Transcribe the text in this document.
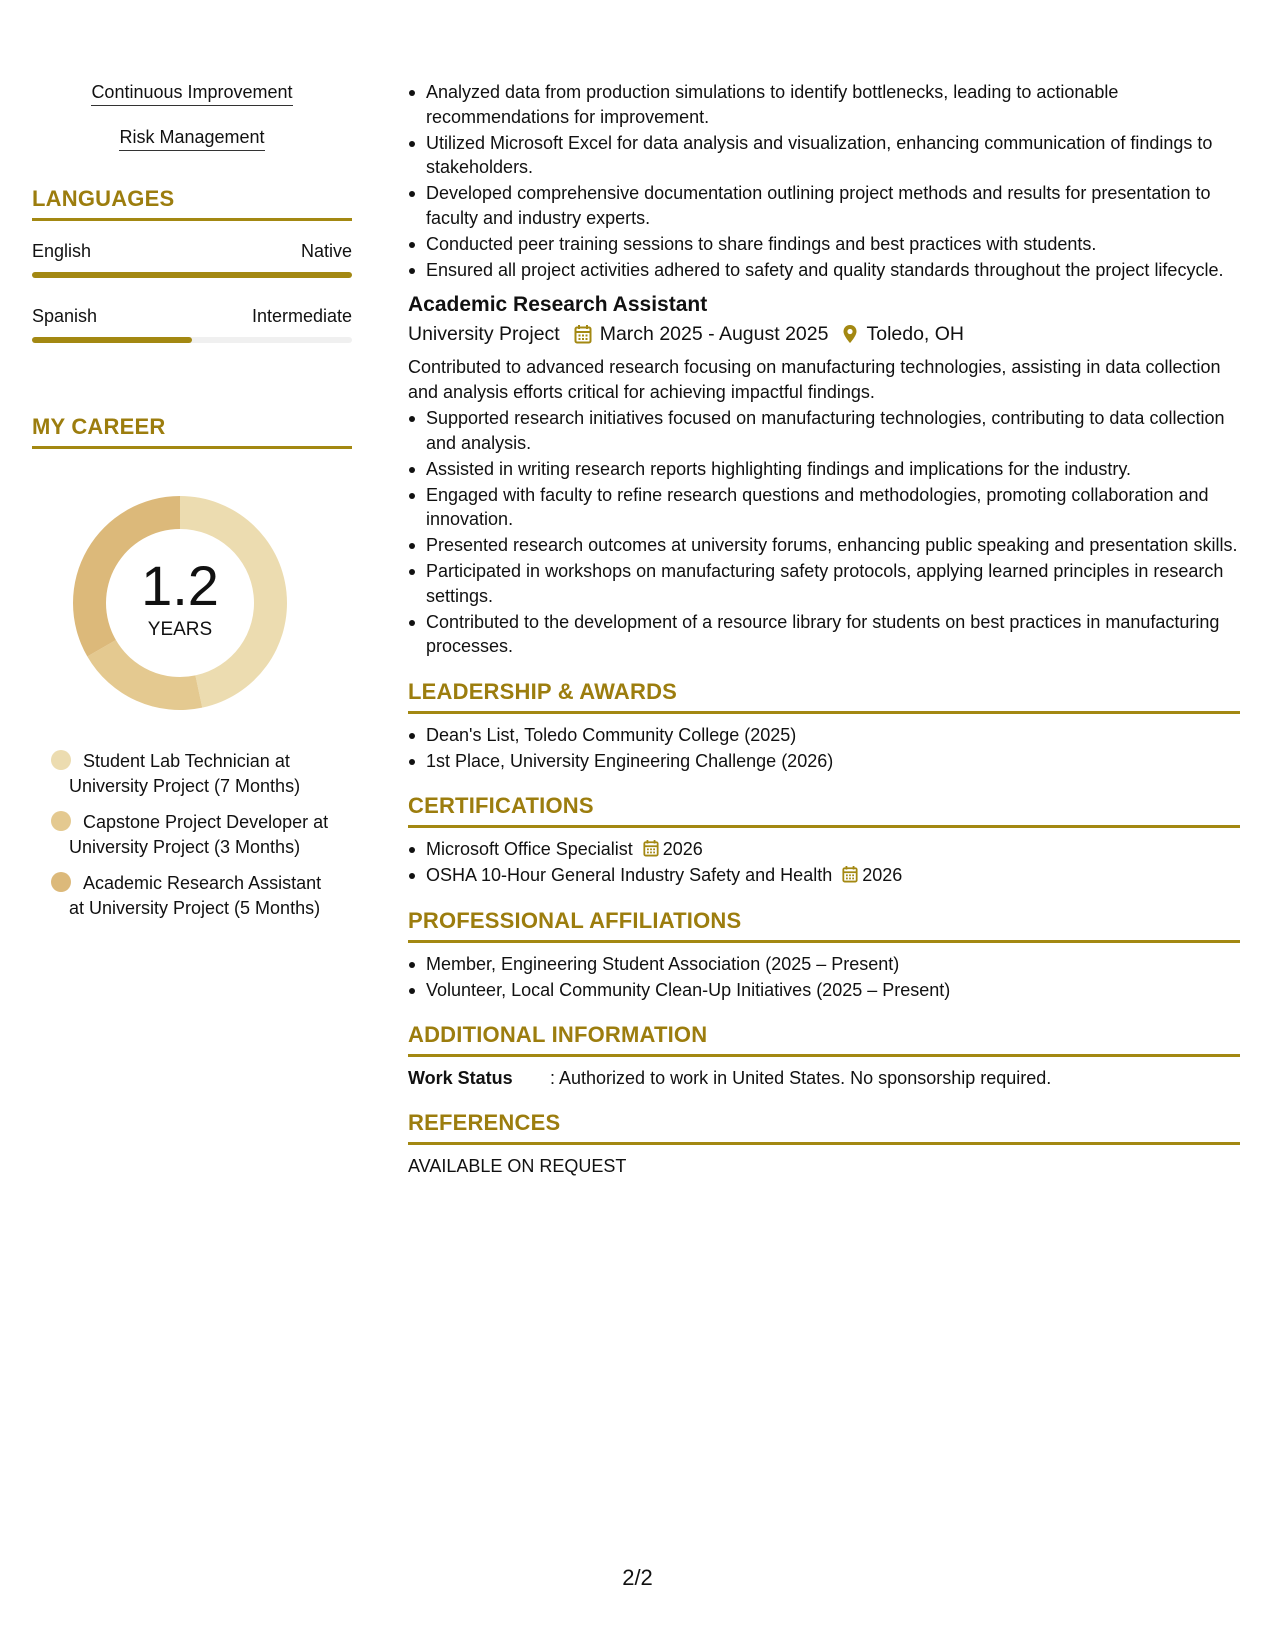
Continuous Improvement
Risk Management
LANGUAGES
English	Native
Spanish	Intermediate
MY CAREER
1.2
YEARS
Student Lab Technician at University Project (7 Months)
Capstone Project Developer at University Project (3 Months)
Academic Research Assistant at University Project (5 Months)
Analyzed data from production simulations to identify bottlenecks, leading to actionable recommendations for improvement.
Utilized Microsoft Excel for data analysis and visualization, enhancing communication of findings to stakeholders.
Developed comprehensive documentation outlining project methods and results for presentation to faculty and industry experts.
Conducted peer training sessions to share findings and best practices with students.
Ensured all project activities adhered to safety and quality standards throughout the project lifecycle.
Academic Research Assistant
University Project March 2025 - August 2025 Toledo, OH
Contributed to advanced research focusing on manufacturing technologies, assisting in data collection and analysis efforts critical for achieving impactful findings.
Supported research initiatives focused on manufacturing technologies, contributing to data collection and analysis.
Assisted in writing research reports highlighting findings and implications for the industry.
Engaged with faculty to refine research questions and methodologies, promoting collaboration and innovation.
Presented research outcomes at university forums, enhancing public speaking and presentation skills.
Participated in workshops on manufacturing safety protocols, applying learned principles in research settings.
Contributed to the development of a resource library for students on best practices in manufacturing processes.
LEADERSHIP & AWARDS
Dean's List, Toledo Community College (2025)
1st Place, University Engineering Challenge (2026)
CERTIFICATIONS
Microsoft Office Specialist 2026
OSHA 10-Hour General Industry Safety and Health 2026
PROFESSIONAL AFFILIATIONS
Member, Engineering Student Association (2025 – Present)
Volunteer, Local Community Clean-Up Initiatives (2025 – Present)
ADDITIONAL INFORMATION
Work Status	: Authorized to work in United States. No sponsorship required.
REFERENCES
AVAILABLE ON REQUEST
2/2
